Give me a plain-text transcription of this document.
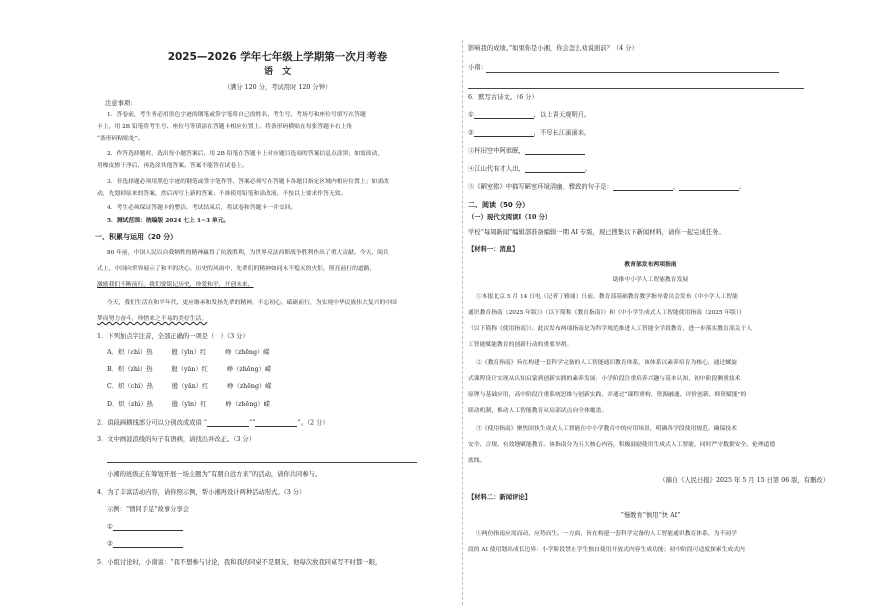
2025—2026 学年七年级上学期第一次月考卷
语　文
（满分 120 分，考试用时 120 分钟）
注意事项：
1．答卷前，考生务必用黑色字迹的钢笔或签字笔将自己的姓名、考生号、考场号和座位号填写在答题
卡上。用 2B 铅笔将考生号、座位号等填涂在答题卡相应位置上。将条形码横贴在每张答题卡右上角
“条形码粘贴处”。
2．作答选择题时，选出每小题答案后，用 2B 铅笔在答题卡上对应题目选项的答案信息点涂黑；如需改动，
用橡皮擦干净后，再选涂其他答案。答案不能答在试卷上。
3．非选择题必须用黑色字迹的钢笔或签字笔作答，答案必须写在答题卡各题目指定区域内相应位置上；如需改
动，先划掉原来的答案，然后再写上新的答案；不准使用铅笔和涂改液。不按以上要求作答无效。
4．考生必须保证答题卡的整洁。考试结束后，将试卷和答题卡一并交回。
5．测试范围：统编版 2024 七上 1~3 单元。
一、积累与运用（20 分）
80 年前，中国人民以自我牺牲的精神赢得了抗战胜利，为世界反法西斯战争胜利作出了重大贡献。今天，阅兵
式上，中国向世界展示了和平的决心。历史的风雨中，先辈们的精神如同永不熄灭的火炬，照亮前行的道路，
激励我们不断前行。我们要铭记历史，珍爱和平，开创未来。
今天，我们生活在和平年代，更应继承和发扬先辈的精神，不忘初心，砥砺前行，为实现中华民族伟大复兴的中国
梦而努力奋斗，珍惜来之不易的美好生活。
1．下列加点字注音，全部正确的一项是（　）（3 分）
A．炽（chì）热　　　殷（yīn）红　　　峥（zhēng）嵘
B．炽（zhì）热　　　殷（yān）红　　　峥（zhēng）嵘
C．炽（chì）热　　　殷（yān）红　　　峥（zhēng）嵘
D．炽（zhì）热　　　殷（yīn）红　　　峥（zhēng）嵘
2．语段画横线部分可以分别改成成语 “	”“	”。（2 分）
3．文中画波浪线的句子有语病，请找出并改正。（3 分）
小湘的班级正在筹划开展一场主题为“有朋自远方来”的活动，请你共同参与。
4．为了丰富活动内容，请你照示例，帮小湘再设计两种活动形式。（3 分）
示例：“情同手足”故事分享会
①
②
5．小组讨论时，小南说：“我不想参与讨论，我和我的同桌不是朋友，他每次放我同桌写不时都一眼，
影响我的成绩。”如果你是小湘，你会怎么劝说面前？（4 分）
小南：
6．默写古诗文。（6 分）
①	，以上青天观明月。
②	，不尽长江滚滚来。
③杯旧空中阿谁眠，
④江山代有才人出，	。
⑤《陋室铭》中描写陋室环境清幽、雅致的句子是：	，	。
二、阅读（50 分）
（一）现代文阅读Ⅰ（10 分）
学校“每周新闻”编辑部准备编辑一期 AI 专版，现已搜集以下新闻材料，请你一起完成任务。
【材料一：消息】
教育部发布两项指南
助推中小学人工智能教育发展
①本报北京 5 月 14 日电（记者丁雅诵）日前，教育部基础教育教学指导委员会发布《中小学人工智能
通识教育指南（2025 年版）》（以下简称《教育指南》）和《中小学生成式人工智能使用指南（2025 年版）》
（以下简称《使用指南》）。此次发布两项指南是为科学规范推进人工智能全学段教育，进一步落实教育部关于人
工智能赋能教育的创新行动的重要举措。
②《教育指南》旨在构建一套科学完备的人工智能通识教育体系，该体系以素养培育为核心，通过螺旋
式课程设计实现从认知启蒙到创新实践的素养发展：小学阶段注重培养兴趣与基本认知，初中阶段侧重技术
原理与基础应用，高中阶段注重系统思维与创新实践，并通过“课程重构、资源融通、评价创新、师资赋能”的
联动机制，推动人工智能教育从局部试点向全体覆盖。
③《使用指南》聚焦固执生成式人工智能在中小学教育中的应用场景，明确各学段使用规范，确保技术
安全、合规、有效地赋能教育。该指南分为五大核心内容，积极鼓励使用生成式人工智能，同时严守数据安全、伦理道德
底线。
（摘自《人民日报》2025 年 5 月 15 日第 06 版，有删改）
【材料二：新闻评论】
“慢教育”慎用“快 AI”
①两份指南应需而动、应势而生。一方面，旨在构建一套科学完备的人工智能通识教育体系，为不同学
段的 AI 使用划出成长边界：小学阶段禁止学生独自使用开放式内容生成功能；初中阶段可适度探索生成式内
